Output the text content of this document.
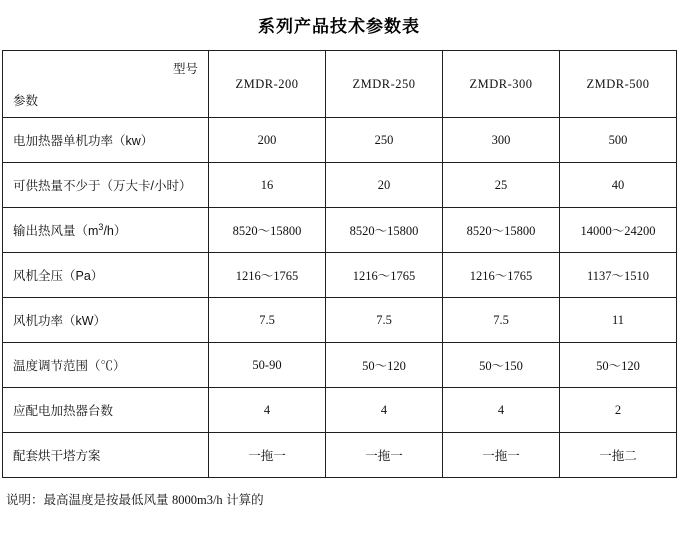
系列产品技术参数表
参数
型号	ZMDR-200	ZMDR-250	ZMDR-300	ZMDR-500
电加热器单机功率（kw）	200	250	300	500
可供热量不少于（万大卡/小时）	16	20	25	40
输出热风量$(m^3/h)$	8520～15800	8520～15800	8520～15800	14000～24200
风机全压（Pa）	1216～1765	1216～1765	1216～1765	1137～1510
风机功率（kW）	7.5	7.5	7.5	11
温度调节范围（℃）	50-90	50～120	50～150	50～120
应配电加热器台数	4	4	4	2
配套烘干塔方案	一拖一	一拖一	一拖一	一拖二
说明：最高温度是按最低风量 8000m3/h 计算的
